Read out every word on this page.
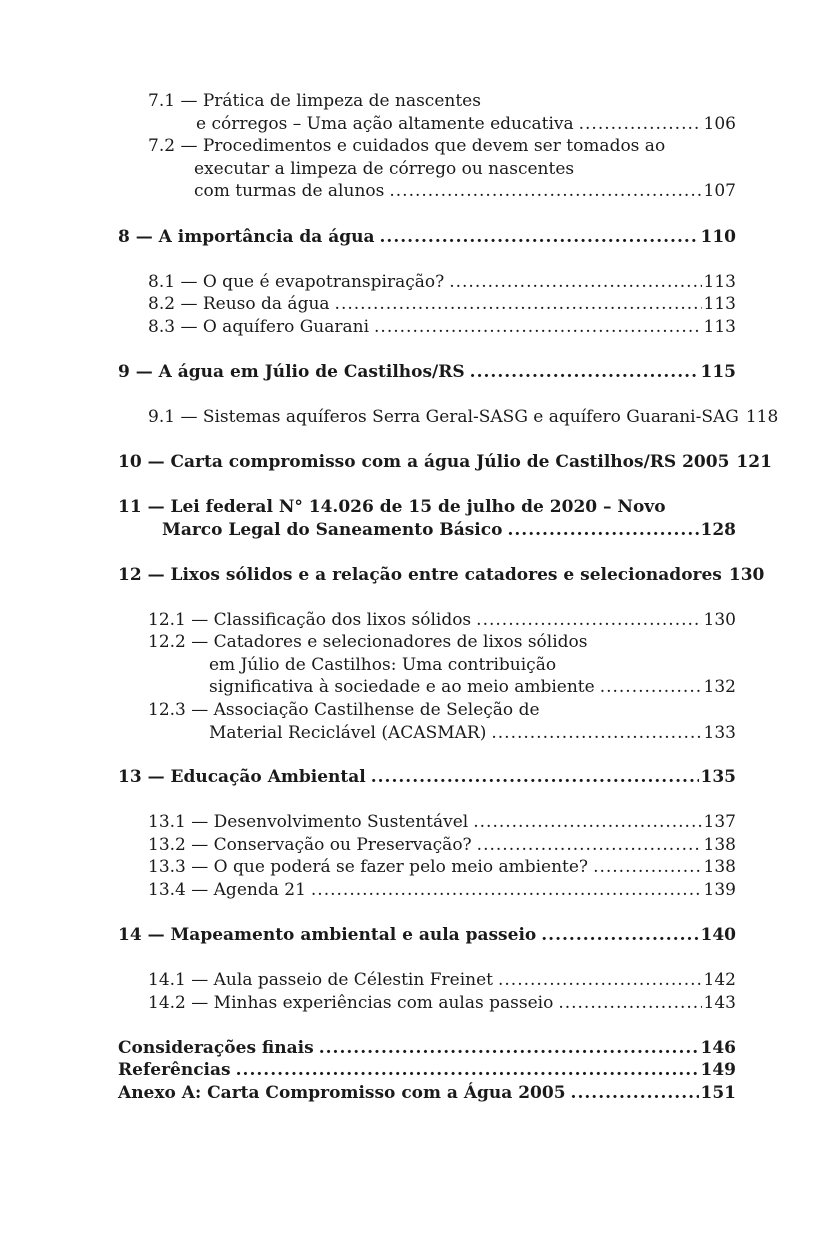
7.1 — Prática de limpeza de nascentes
e córregos – Uma ação altamente educativa .....	106
7.2 — Procedimentos e cuidados que devem ser tomados ao
executar a limpeza de córrego ou nascentes
com turmas de alunos .....	107
8 — A importância da água .....	110
8.1 — O que é evapotranspiração? .....	113
8.2 — Reuso da água .....	113
8.3 — O aquífero Guarani .....	113
9 — A água em Júlio de Castilhos/RS .....	115
9.1 — Sistemas aquíferos Serra Geral-SASG e aquífero Guarani-SAG 118
10 — Carta compromisso com a água Júlio de Castilhos/RS 2005 121
11 — Lei federal N° 14.026 de 15 de julho de 2020 – Novo
Marco Legal do Saneamento Básico .....	128
12 — Lixos sólidos e a relação entre catadores e selecionadores 130
12.1 — Classificação dos lixos sólidos .....	130
12.2 — Catadores e selecionadores de lixos sólidos
em Júlio de Castilhos: Uma contribuição
significativa à sociedade e ao meio ambiente .....	132
12.3 — Associação Castilhense de Seleção de
Material Reciclável (ACASMAR) .....	133
13 — Educação Ambiental .....	135
13.1 — Desenvolvimento Sustentável .....	137
13.2 — Conservação ou Preservação? .....	138
13.3 — O que poderá se fazer pelo meio ambiente? .....	138
13.4 — Agenda 21 .....	139
14 — Mapeamento ambiental e aula passeio .....	140
14.1 — Aula passeio de Célestin Freinet .....	142
14.2 — Minhas experiências com aulas passeio .....	143
Considerações finais .....	146
Referências .....	149
Anexo A: Carta Compromisso com a Água 2005 .....	151
